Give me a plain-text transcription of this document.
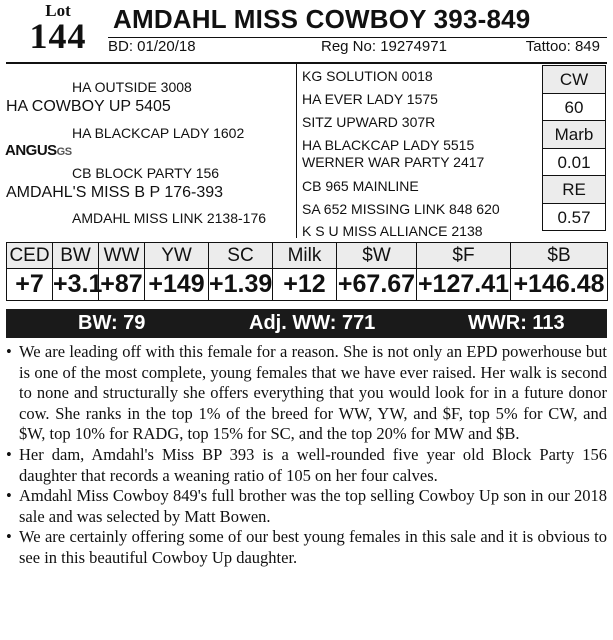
Lot
144	AMDAHL MISS COWBOY 393-849
BD: 01/20/18	Reg No: 19274971	Tattoo: 849
HA OUTSIDE 3008
HA COWBOY UP 5405
HA BLACKCAP LADY 1602
ANGUSGS
CB BLOCK PARTY 156
AMDAHL'S MISS B P 176-393
AMDAHL MISS LINK 2138-176
KG SOLUTION 0018
HA EVER LADY 1575
SITZ UPWARD 307R
HA BLACKCAP LADY 5515
WERNER WAR PARTY 2417
CB 965 MAINLINE
SA 652 MISSING LINK 848 620
K S U MISS ALLIANCE 2138
CW
60
Marb
0.01
RE
0.57
CED	BW	WW	YW	SC	Milk	$W	$F	$B
+7	+3.1	+87	+149	+1.39	+12	+67.67	+127.41	+146.48
BW: 79	Adj. WW: 771	WWR: 113

• We are leading off with this female for a reason. She is not only an EPD powerhouse but is one of the most complete, young females that we have ever raised. Her walk is second to none and structurally she offers everything that you would look for in a future donor cow. She ranks in the top 1% of the breed for WW, YW, and $F, top 5% for CW, and $W, top 10% for RADG, top 15% for SC, and the top 20% for MW and $B.

• Her dam, Amdahl's Miss BP 393 is a well-rounded five year old Block Party 156 daughter that records a weaning ratio of 105 on her four calves.

• Amdahl Miss Cowboy 849's full brother was the top selling Cowboy Up son in our 2018 sale and was selected by Matt Bowen.

• We are certainly offering some of our best young females in this sale and it is obvious to see in this beautiful Cowboy Up daughter.
